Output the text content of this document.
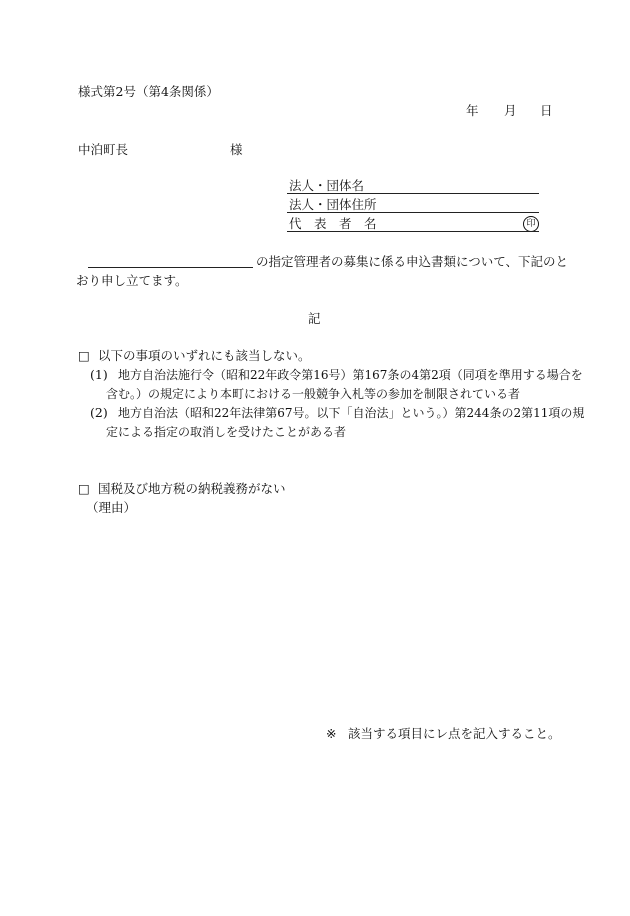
様式第2号（第4条関係）
年 月 日
中泊町長	様
法人・団体名
法人・団体住所
代　表　者　名	印
の指定管理者の募集に係る申込書類について、下記のと
おり申し立てます。
記
□ 以下の事項のいずれにも該当しない。
(1) 地方自治法施行令（昭和22年政令第16号）第167条の4第2項（同項を準用する場合を
含む。）の規定により本町における一般競争入札等の参加を制限されている者
(2) 地方自治法（昭和22年法律第67号。以下「自治法」という。）第244条の2第11項の規
定による指定の取消しを受けたことがある者
□ 国税及び地方税の納税義務がない
（理由）
※ 該当する項目にレ点を記入すること。
